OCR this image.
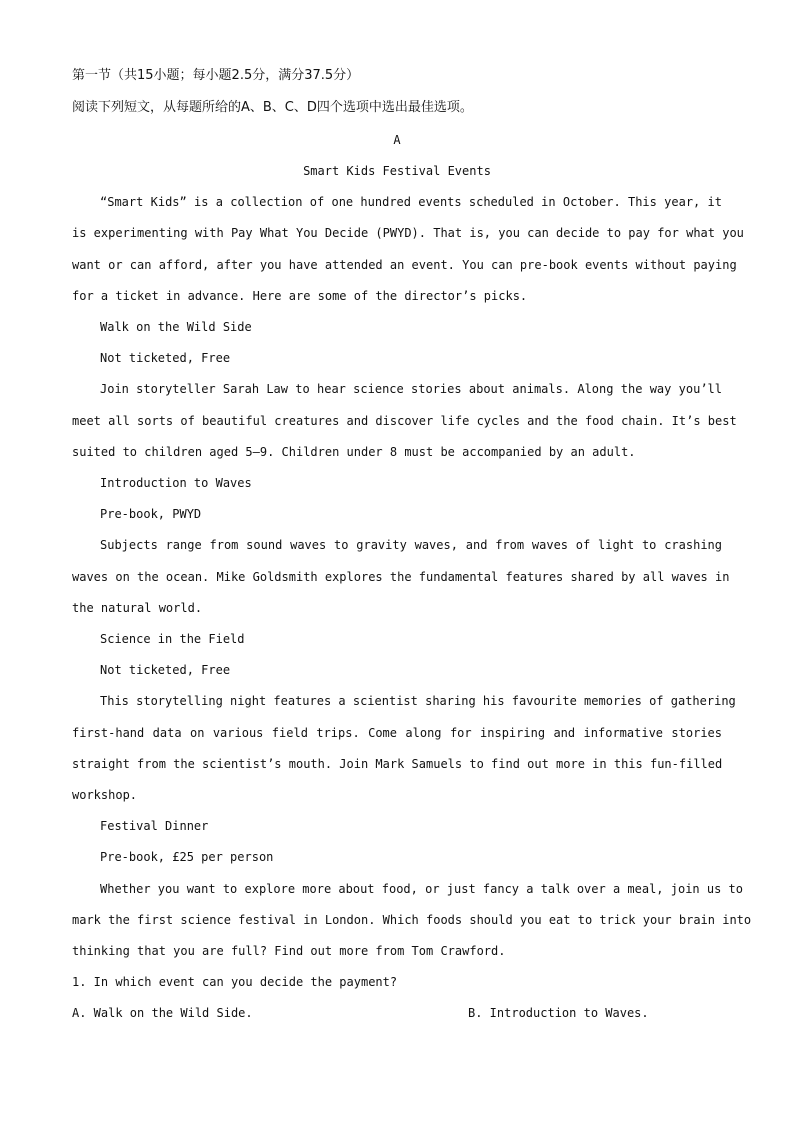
第一节（共15小题；每小题2.5分，满分37.5分）
阅读下列短文，从每题所给的A、B、C、D四个选项中选出最佳选项。
A
Smart Kids Festival Events
“Smart Kids” is a collection of one hundred events scheduled in October. This year, it
is experimenting with Pay What You Decide (PWYD). That is, you can decide to pay for what you
want or can afford, after you have attended an event. You can pre-book events without paying
for a ticket in advance. Here are some of the director’s picks.
Walk on the Wild Side
Not ticketed, Free
Join storyteller Sarah Law to hear science stories about animals. Along the way you’ll
meet all sorts of beautiful creatures and discover life cycles and the food chain. It’s best
suited to children aged 5—9. Children under 8 must be accompanied by an adult.
Introduction to Waves
Pre-book, PWYD
Subjects range from sound waves to gravity waves, and from waves of light to crashing
waves on the ocean. Mike Goldsmith explores the fundamental features shared by all waves in
the natural world.
Science in the Field
Not ticketed, Free
This storytelling night features a scientist sharing his favourite memories of gathering
first-hand data on various field trips. Come along for inspiring and informative stories
straight from the scientist’s mouth. Join Mark Samuels to find out more in this fun-filled
workshop.
Festival Dinner
Pre-book, £25 per person
Whether you want to explore more about food, or just fancy a talk over a meal, join us to
mark the first science festival in London. Which foods should you eat to trick your brain into
thinking that you are full? Find out more from Tom Crawford.
1. In which event can you decide the payment?
A. Walk on the Wild Side.	B. Introduction to Waves.
